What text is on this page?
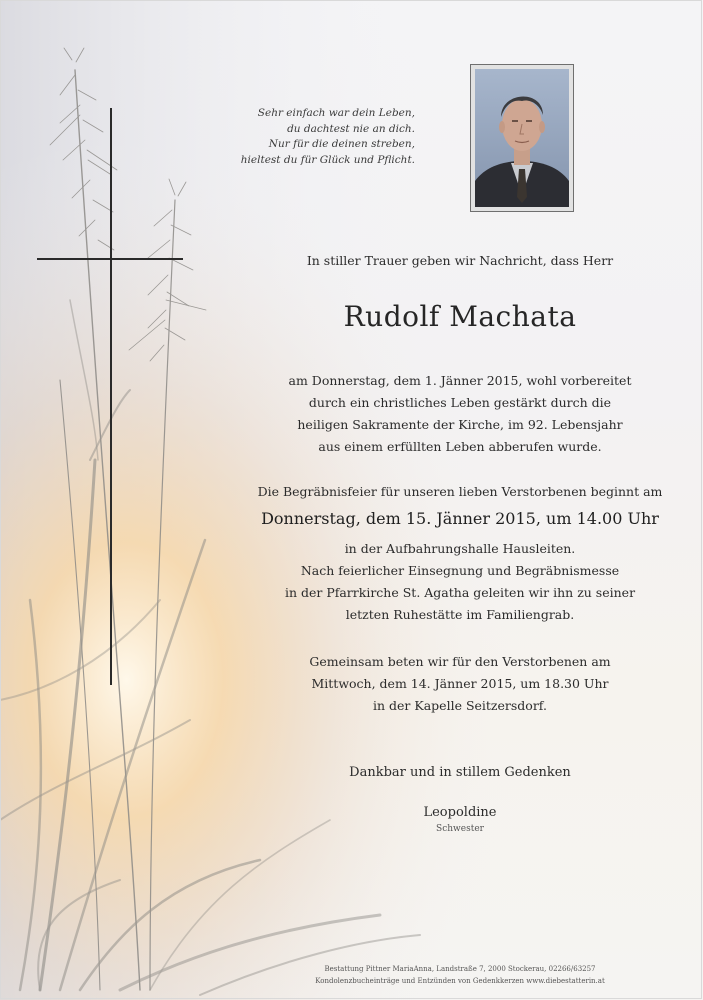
Sehr einfach war dein Leben,
du dachtest nie an dich.
Nur für die deinen streben,
hieltest du für Glück und Pflicht.
In stiller Trauer geben wir Nachricht, dass Herr
Rudolf Machata
am Donnerstag, dem 1. Jänner 2015, wohl vorbereitet
durch ein christliches Leben gestärkt durch die
heiligen Sakramente der Kirche, im 92. Lebensjahr
aus einem erfüllten Leben abberufen wurde.
Die Begräbnisfeier für unseren lieben Verstorbenen beginnt am
Donnerstag, dem 15. Jänner 2015, um 14.00 Uhr
in der Aufbahrungshalle Hausleiten.
Nach feierlicher Einsegnung und Begräbnismesse
in der Pfarrkirche St. Agatha geleiten wir ihn zu seiner
letzten Ruhestätte im Familiengrab.
Gemeinsam beten wir für den Verstorbenen am
Mittwoch, dem 14. Jänner 2015, um 18.30 Uhr
in der Kapelle Seitzersdorf.
Dankbar und in stillem Gedenken
Leopoldine
Schwester
Bestattung Pittner MariaAnna, Landstraße 7, 2000 Stockerau, 02266/63257
Kondolenzbucheinträge und Entzünden von Gedenkkerzen www.diebestatterin.at
